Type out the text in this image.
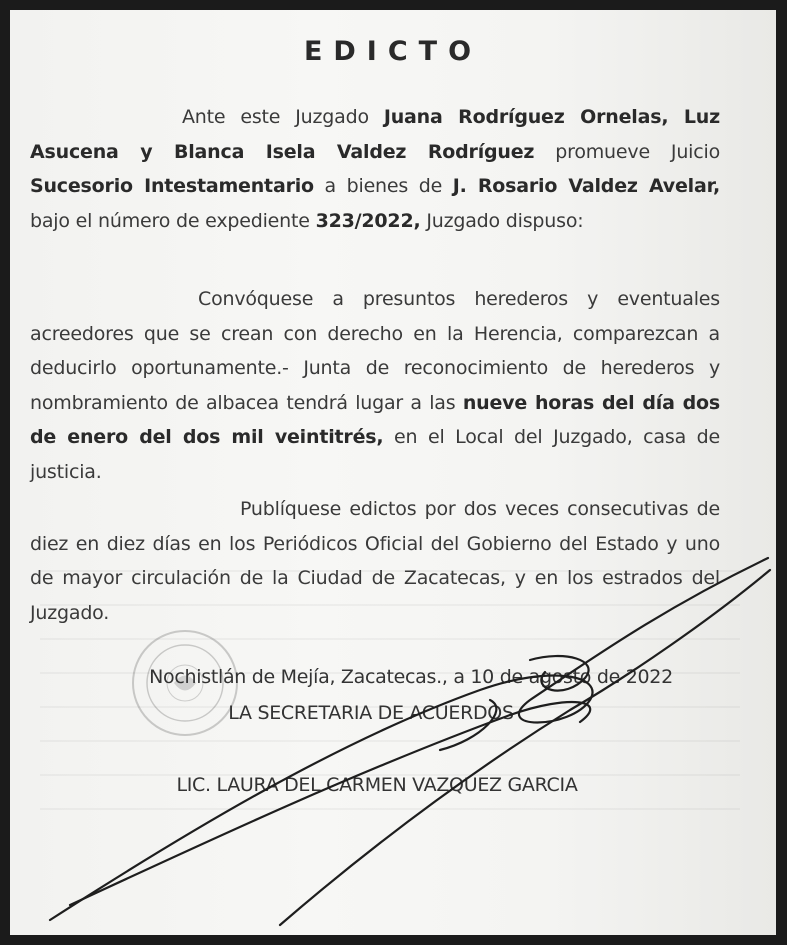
EDICTO
Ante este Juzgado Juana Rodríguez Ornelas, Luz Asucena y Blanca Isela Valdez Rodríguez promueve Juicio Sucesorio Intestamentario a bienes de J. Rosario Valdez Avelar, bajo el número de expediente 323/2022, Juzgado dispuso:
Convóquese a presuntos herederos y eventuales acreedores que se crean con derecho en la Herencia, comparezcan a deducirlo oportunamente.- Junta de reconocimiento de herederos y nombramiento de albacea tendrá lugar a las nueve horas del día dos de enero del dos mil veintitrés, en el Local del Juzgado, casa de justicia.
Publíquese edictos por dos veces consecutivas de diez en diez días en los Periódicos Oficial del Gobierno del Estado y uno de mayor circulación de la Ciudad de Zacatecas, y en los estrados del Juzgado.
Nochistlán de Mejía, Zacatecas., a 10 de agosto de 2022
LA SECRETARIA DE ACUERDOS
LIC. LAURA DEL CARMEN VAZQUEZ GARCIA
